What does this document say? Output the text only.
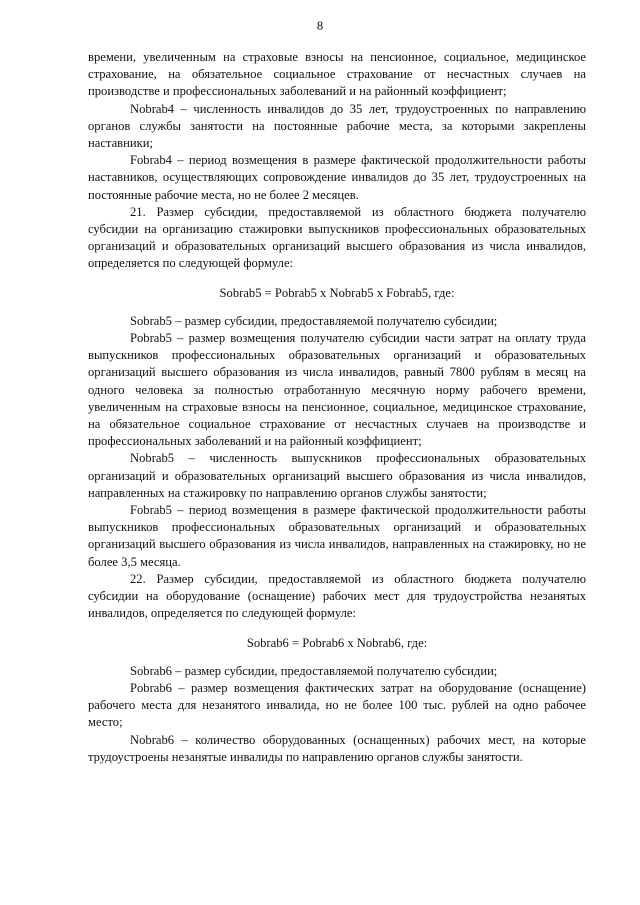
8

времени, увеличенным на страховые взносы на пенсионное, социальное, медицинское страхование, на обязательное социальное страхование от несчастных случаев на производстве и профессиональных заболеваний и на районный коэффициент;

Nobrab4 – численность инвалидов до 35 лет, трудоустроенных по направлению органов службы занятости на постоянные рабочие места, за которыми закреплены наставники;

Fobrab4 – период возмещения в размере фактической продолжительности работы наставников, осуществляющих сопровождение инвалидов до 35 лет, трудоустроенных на постоянные рабочие места, но не более 2 месяцев.

21. Размер субсидии, предоставляемой из областного бюджета получателю субсидии на организацию стажировки выпускников профессиональных образовательных организаций и образовательных организаций высшего образования из числа инвалидов, определяется по следующей формуле:

Sobrab5 = Pobrab5 x Nobrab5 x Fobrab5, где:

Sobrab5 – размер субсидии, предоставляемой получателю субсидии;

Pobrab5 – размер возмещения получателю субсидии части затрат на оплату труда выпускников профессиональных образовательных организаций и образовательных организаций высшего образования из числа инвалидов, равный 7800 рублям в месяц на одного человека за полностью отработанную месячную норму рабочего времени, увеличенным на страховые взносы на пенсионное, социальное, медицинское страхование, на обязательное социальное страхование от несчастных случаев на производстве и профессиональных заболеваний и на районный коэффициент;

Nobrab5 – численность выпускников профессиональных образовательных организаций и образовательных организаций высшего образования из числа инвалидов, направленных на стажировку по направлению органов службы занятости;

Fobrab5 – период возмещения в размере фактической продолжительности работы выпускников профессиональных образовательных организаций и образовательных организаций высшего образования из числа инвалидов, направленных на стажировку, но не более 3,5 месяца.

22. Размер субсидии, предоставляемой из областного бюджета получателю субсидии на оборудование (оснащение) рабочих мест для трудоустройства незанятых инвалидов, определяется по следующей формуле:

Sobrab6 = Pobrab6 x Nobrab6, где:

Sobrab6 – размер субсидии, предоставляемой получателю субсидии;

Pobrab6 – размер возмещения фактических затрат на оборудование (оснащение) рабочего места для незанятого инвалида, но не более 100 тыс. рублей на одно рабочее место;

Nobrab6 – количество оборудованных (оснащенных) рабочих мест, на которые трудоустроены незанятые инвалиды по направлению органов службы занятости.
